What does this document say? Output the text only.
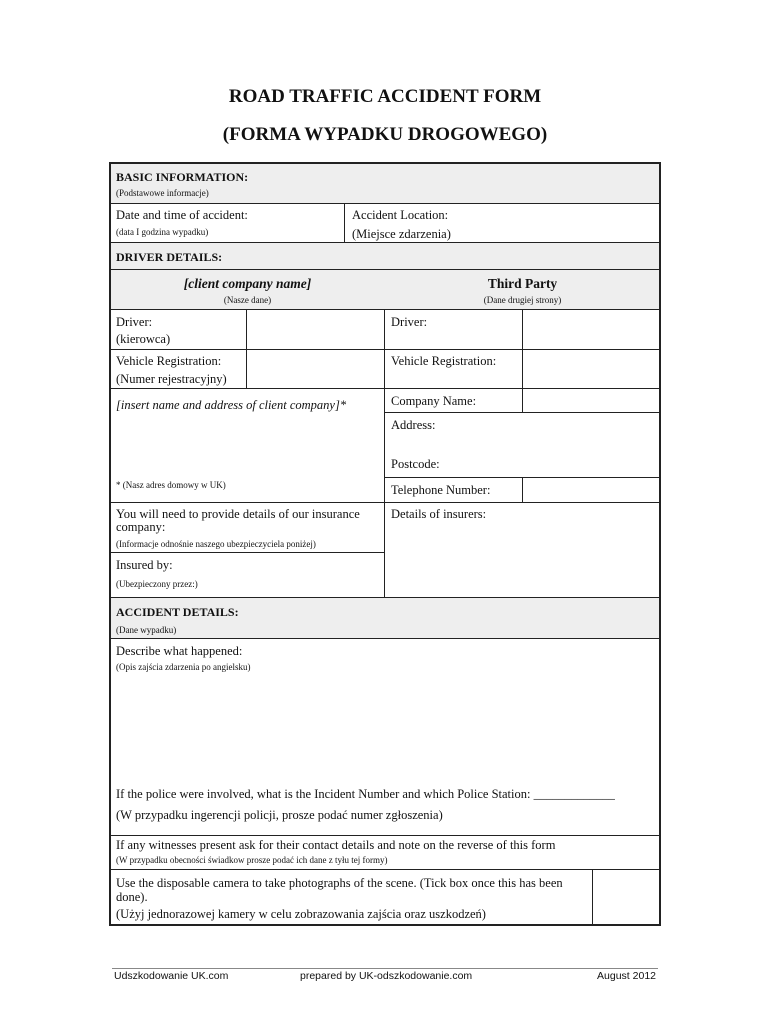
ROAD TRAFFIC ACCIDENT FORM
(FORMA WYPADKU DROGOWEGO)
BASIC INFORMATION:
(Podstawowe informacje)
Date and time of accident:
(data I godzina wypadku)
Accident Location:
(Miejsce zdarzenia)
DRIVER DETAILS:
[client company name]
(Nasze dane)
Third Party
(Dane drugiej strony)
Driver:
(kierowca)
Driver:
Vehicle Registration:
(Numer rejestracyjny)
Vehicle Registration:
[insert name and address of client company]*
* (Nasz adres domowy w UK)
Company Name:
Address:
Postcode:
Telephone Number:
You will need to provide details of our insurance
company:
(Informacje odnośnie naszego ubezpieczyciela poniżej)
Insured by:
(Ubezpieczony przez:)
Details of insurers:
ACCIDENT DETAILS:
(Dane wypadku)
Describe what happened:
(Opis zajścia zdarzenia po angielsku)
If the police were involved, what is the Incident Number and which Police Station: _____________
(W przypadku ingerencji policji, prosze podać numer zgłoszenia)
If any witnesses present ask for their contact details and note on the reverse of this form
(W przypadku obecności świadkow prosze podać ich dane z tyłu tej formy)
Use the disposable camera to take photographs of the scene. (Tick box once this has been
done).
(Użyj jednorazowej kamery w celu zobrazowania zajścia oraz uszkodzeń)
Udszkodowanie UK.com	prepared by UK-odszkodowanie.com	August 2012
